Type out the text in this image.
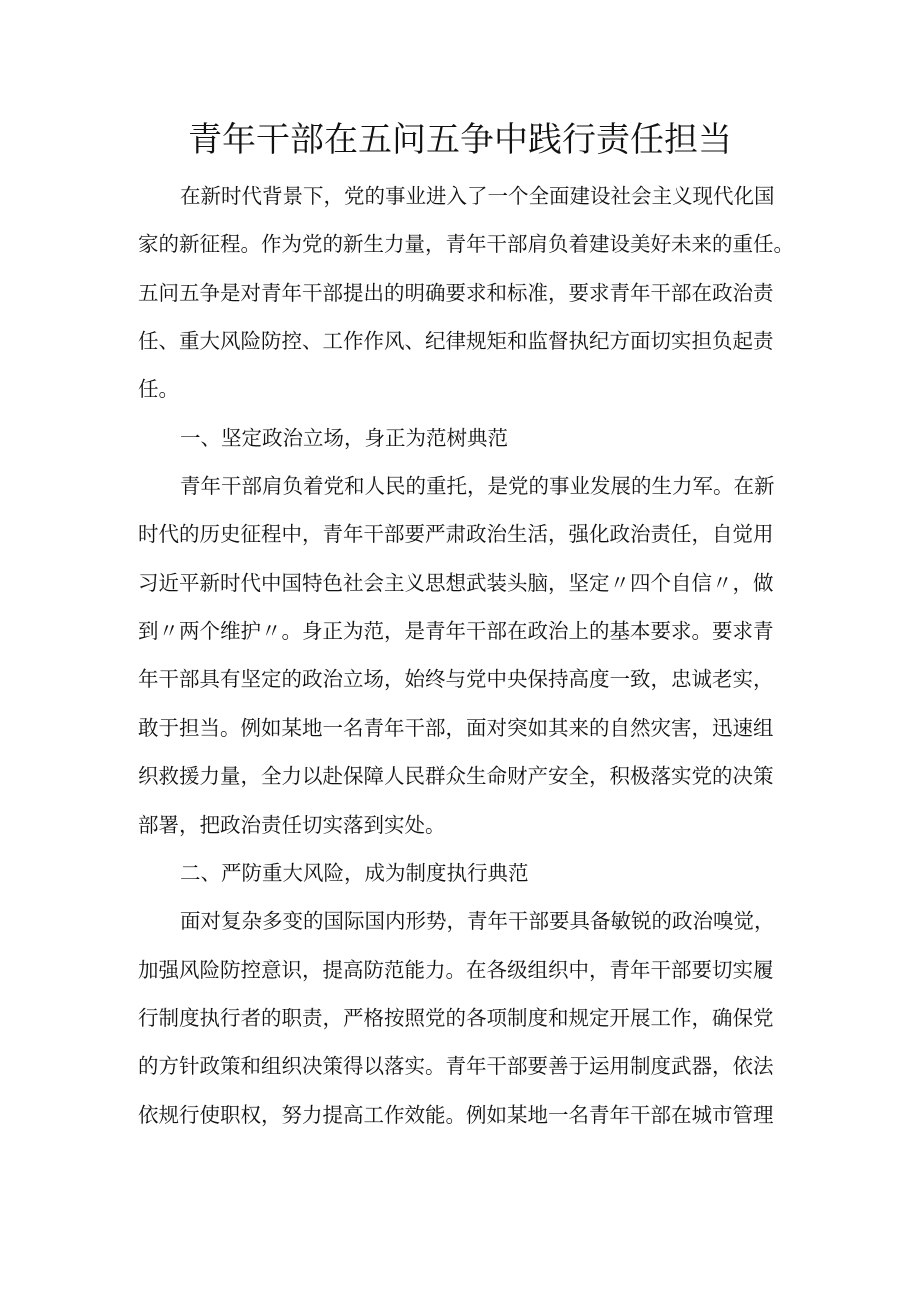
青年干部在五问五争中践行责任担当

在新时代背景下，党的事业进入了一个全面建设社会主义现代化国

家的新征程。作为党的新生力量，青年干部肩负着建设美好未来的重任。

五问五争是对青年干部提出的明确要求和标准，要求青年干部在政治责

任、重大风险防控、工作作风、纪律规矩和监督执纪方面切实担负起责

任。

一、坚定政治立场，身正为范树典范

青年干部肩负着党和人民的重托，是党的事业发展的生力军。在新

时代的历史征程中，青年干部要严肃政治生活，强化政治责任，自觉用

习近平新时代中国特色社会主义思想武装头脑，坚定〃四个自信〃，做

到〃两个维护〃。身正为范，是青年干部在政治上的基本要求。要求青

年干部具有坚定的政治立场，始终与党中央保持高度一致，忠诚老实，

敢于担当。例如某地一名青年干部，面对突如其来的自然灾害，迅速组

织救援力量，全力以赴保障人民群众生命财产安全，积极落实党的决策

部署，把政治责任切实落到实处。

二、严防重大风险，成为制度执行典范

面对复杂多变的国际国内形势，青年干部要具备敏锐的政治嗅觉，

加强风险防控意识，提高防范能力。在各级组织中，青年干部要切实履

行制度执行者的职责，严格按照党的各项制度和规定开展工作，确保党

的方针政策和组织决策得以落实。青年干部要善于运用制度武器，依法

依规行使职权，努力提高工作效能。例如某地一名青年干部在城市管理
